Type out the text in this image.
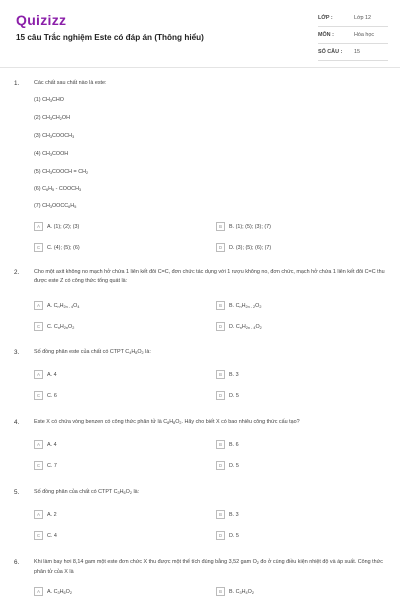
Quizizz
15 câu Trắc nghiệm Este có đáp án (Thông hiểu)
LỚP :	Lớp 12
MÔN :	Hóa học
SỐ CÂU :	15
1.	Các chất sau chất nào là este:
(1) $CH_3CHO$
(2) $CH_3CH_2OH$
(3) $CH_3COOCH_3$
(4) $CH_3COOH$
(5) $CH_3COOCH = CH_2$
(6) $C_6H_5$ - $COOCH_3$
(7) $CH_3OOCC_6H_5$
A	A. (1); (2); (3)	B	B. (1); (5); (3); (7)
C	C. (4); (5); (6)	D	D. (3); (5); (6); (7)
2.	Cho một axit không no mạch hở chứa 1 liên kết đôi C=C, đơn chức tác dụng với 1 rượu không no, đơn chức, mạch hở chứa 1 liên kết đôi C=C thu được este Z có công thức tổng quát là:
A	A. $C_nH_{2n - 4}O_4$	B	B. $C_nH_{2n - 2}O_2$
C	C. $C_nH_{2n}O_2$	D	D. $C_nH_{2n - 4}O_2$
3.	Số đồng phân este của chất có CTPT $C_4H_8O_2$ là:
A	A. 4	B	B. 3
C	C. 6	D	D. 5
4.	Este X có chứa vòng benzen có công thức phân tử là $C_8H_8O_2$. Hãy cho biết X có bao nhiêu công thức cấu tạo?
A	A. 4	B	B. 6
C	C. 7	D	D. 5
5.	Số đồng phân của chất có CTPT $C_3H_6O_2$ là:
A	A. 2	B	B. 3
C	C. 4	D	D. 5
6.	Khi làm bay hơi 8,14 gam một este đơn chức X thu được một thể tích đúng bằng 3,52 gam $O_2$ đo ở cùng điều kiện nhiệt độ và áp suất. Công thức phân tử của X là
A	A. $C_3H_6O_2$	B	B. $C_3H_4O_2$
